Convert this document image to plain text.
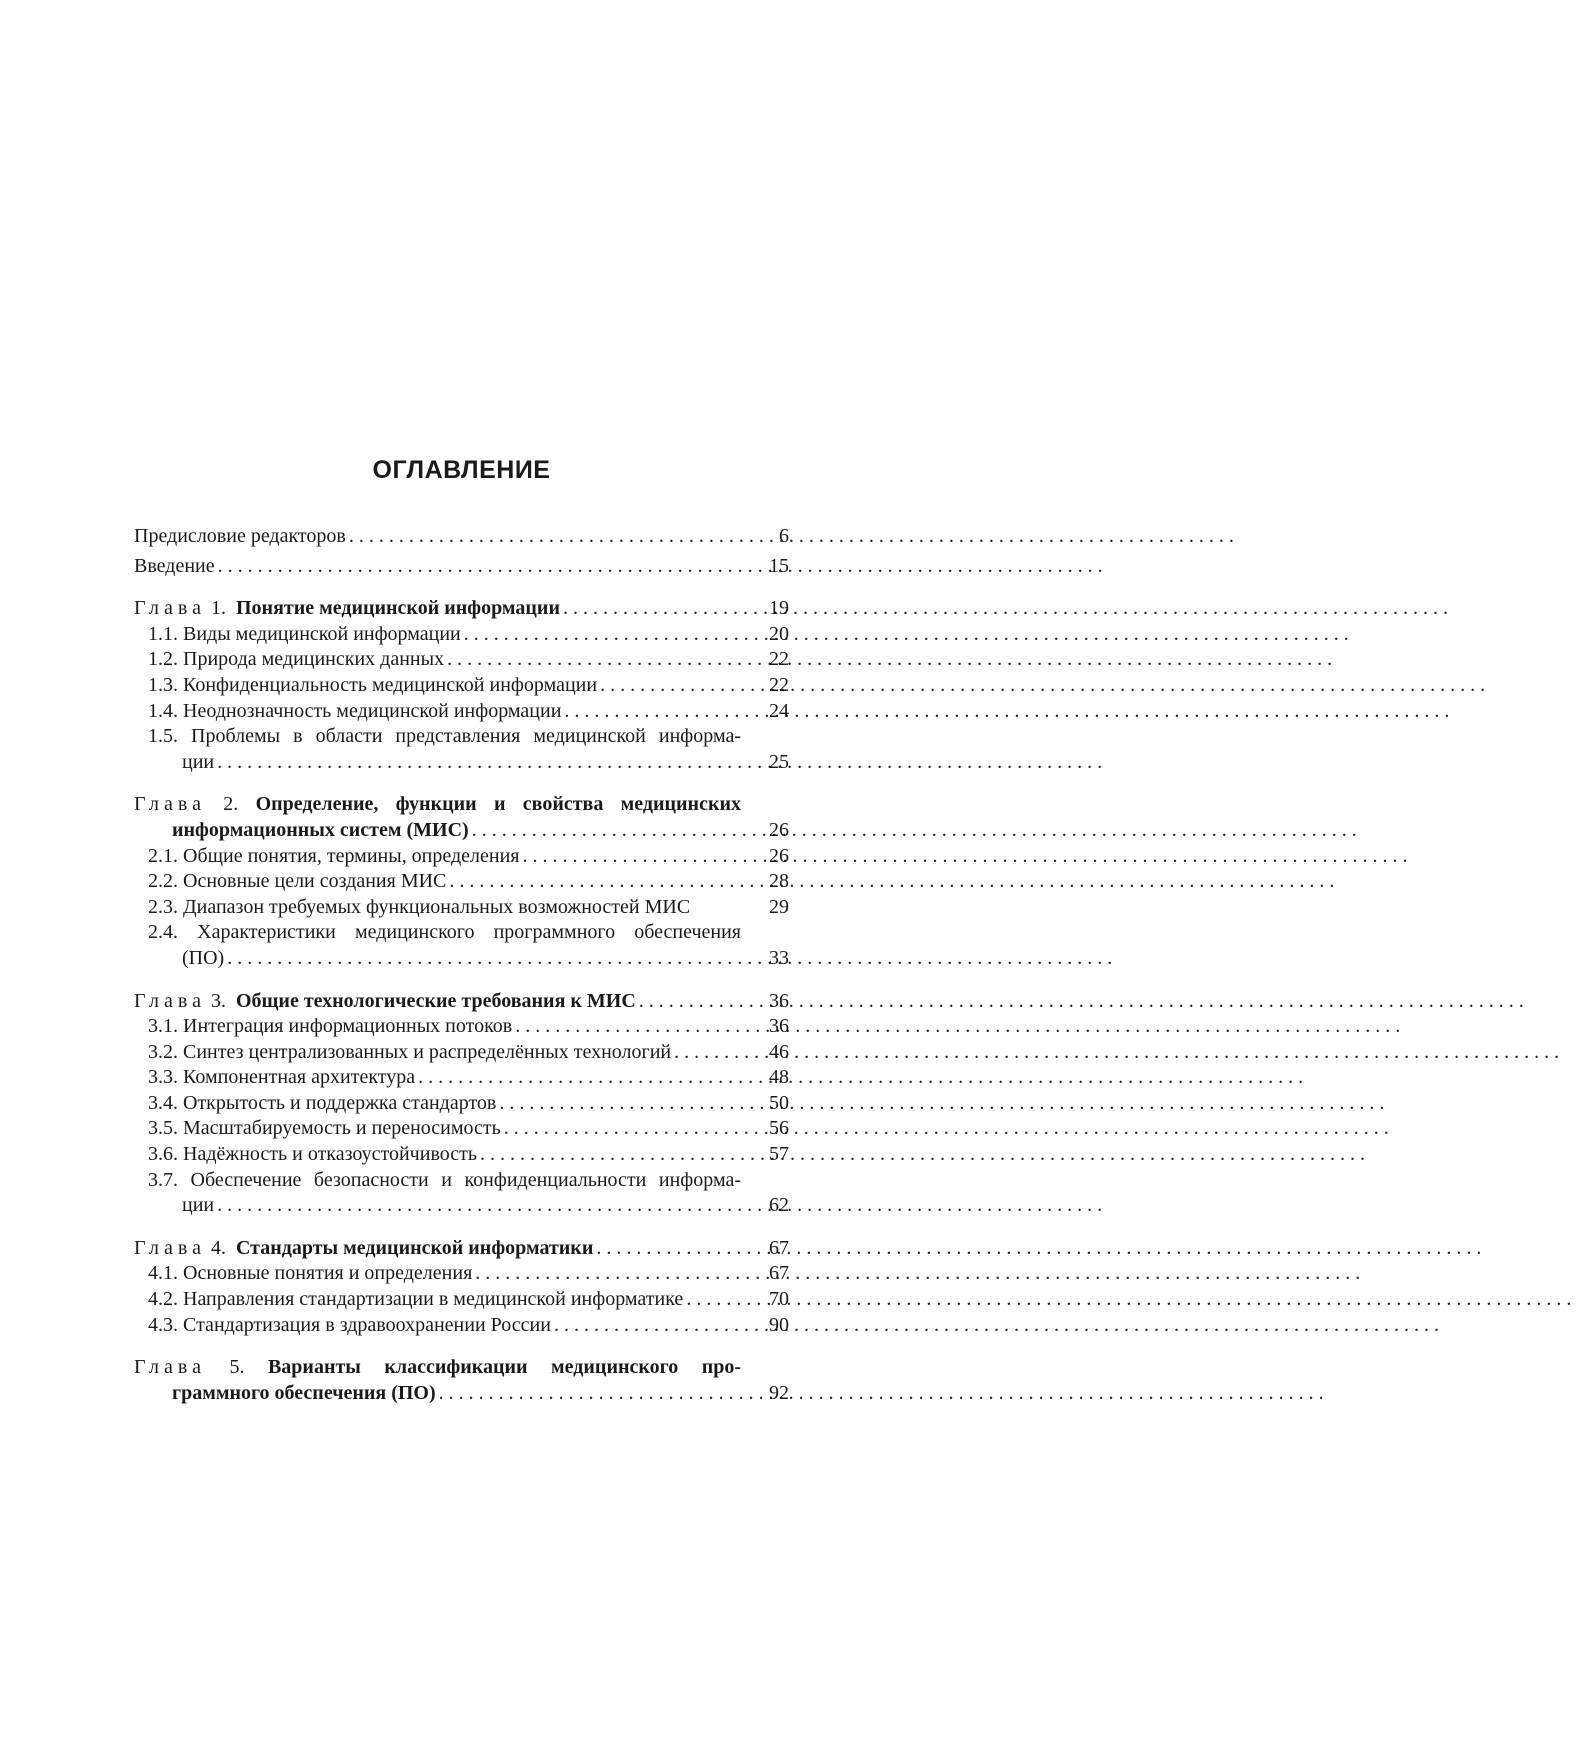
ОГЛАВЛЕНИЕ
Предисловие редакторов . . .	6
Введение . . .	15
Глава 1. Понятие медицинской информации . . .	19
1.1. Виды медицинской информации . . .	20
1.2. Природа медицинских данных . . .	22
1.3. Конфиденциальность медицинской информации . . .	22
1.4. Неоднозначность медицинской информации . . .	24
1.5. Проблемы в области представления медицинской информа-
ции . . .	25
Глава 2. Определение, функции и свойства медицинских
информационных систем (МИС) . . .	26
2.1. Общие понятия, термины, определения . . .	26
2.2. Основные цели создания МИС . . .	28
2.3. Диапазон требуемых функциональных возможностей МИС	29
2.4. Характеристики медицинского программного обеспечения
(ПО) . . .	33
Глава 3. Общие технологические требования к МИС . . .	36
3.1. Интеграция информационных потоков . . .	36
3.2. Синтез централизованных и распределённых технологий . . .	46
3.3. Компонентная архитектура . . .	48
3.4. Открытость и поддержка стандартов . . .	50
3.5. Масштабируемость и переносимость . . .	56
3.6. Надёжность и отказоустойчивость . . .	57
3.7. Обеспечение безопасности и конфиденциальности информа-
ции . . .	62
Глава 4. Стандарты медицинской информатики . . .	67
4.1. Основные понятия и определения . . .	67
4.2. Направления стандартизации в медицинской информатике . . .	70
4.3. Стандартизация в здравоохранении России . . .	90
Глава 5. Варианты классификации медицинского про-
граммного обеспечения (ПО) . . .	92
